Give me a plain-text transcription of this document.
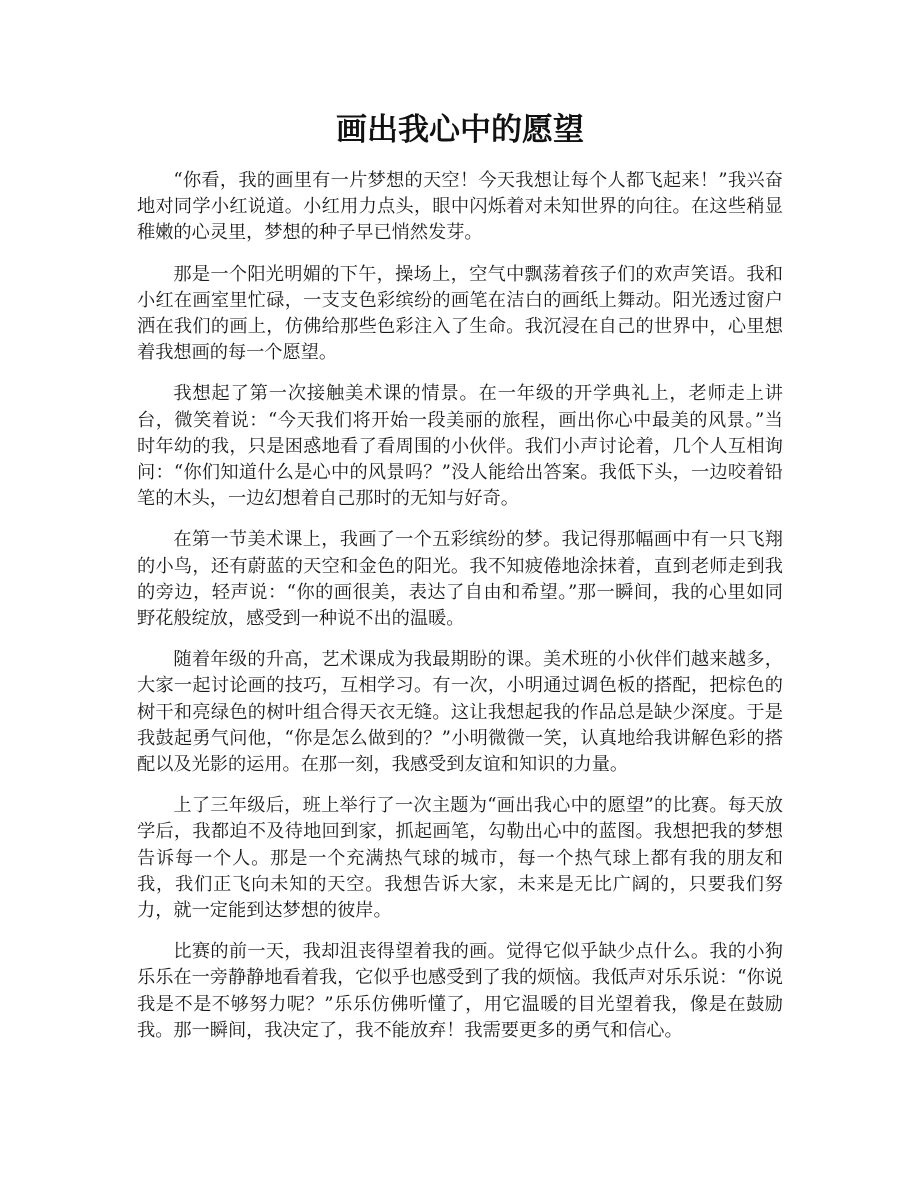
画出我心中的愿望

“你看，我的画里有一片梦想的天空！今天我想让每个人都飞起来！”我兴奋地对同学小红说道。小红用力点头，眼中闪烁着对未知世界的向往。在这些稍显稚嫩的心灵里，梦想的种子早已悄然发芽。

那是一个阳光明媚的下午，操场上，空气中飘荡着孩子们的欢声笑语。我和小红在画室里忙碌，一支支色彩缤纷的画笔在洁白的画纸上舞动。阳光透过窗户洒在我们的画上，仿佛给那些色彩注入了生命。我沉浸在自己的世界中，心里想着我想画的每一个愿望。

我想起了第一次接触美术课的情景。在一年级的开学典礼上，老师走上讲台，微笑着说：“今天我们将开始一段美丽的旅程，画出你心中最美的风景。”当时年幼的我，只是困惑地看了看周围的小伙伴。我们小声讨论着，几个人互相询问：“你们知道什么是心中的风景吗？”没人能给出答案。我低下头，一边咬着铅笔的木头，一边幻想着自己那时的无知与好奇。

在第一节美术课上，我画了一个五彩缤纷的梦。我记得那幅画中有一只飞翔的小鸟，还有蔚蓝的天空和金色的阳光。我不知疲倦地涂抹着，直到老师走到我的旁边，轻声说：“你的画很美，表达了自由和希望。”那一瞬间，我的心里如同野花般绽放，感受到一种说不出的温暖。

随着年级的升高，艺术课成为我最期盼的课。美术班的小伙伴们越来越多，大家一起讨论画的技巧，互相学习。有一次，小明通过调色板的搭配，把棕色的树干和亮绿色的树叶组合得天衣无缝。这让我想起我的作品总是缺少深度。于是我鼓起勇气问他，“你是怎么做到的？”小明微微一笑，认真地给我讲解色彩的搭配以及光影的运用。在那一刻，我感受到友谊和知识的力量。

上了三年级后，班上举行了一次主题为“画出我心中的愿望”的比赛。每天放学后，我都迫不及待地回到家，抓起画笔，勾勒出心中的蓝图。我想把我的梦想告诉每一个人。那是一个充满热气球的城市，每一个热气球上都有我的朋友和我，我们正飞向未知的天空。我想告诉大家，未来是无比广阔的，只要我们努力，就一定能到达梦想的彼岸。

比赛的前一天，我却沮丧得望着我的画。觉得它似乎缺少点什么。我的小狗乐乐在一旁静静地看着我，它似乎也感受到了我的烦恼。我低声对乐乐说：“你说我是不是不够努力呢？”乐乐仿佛听懂了，用它温暖的目光望着我，像是在鼓励我。那一瞬间，我决定了，我不能放弃！我需要更多的勇气和信心。
